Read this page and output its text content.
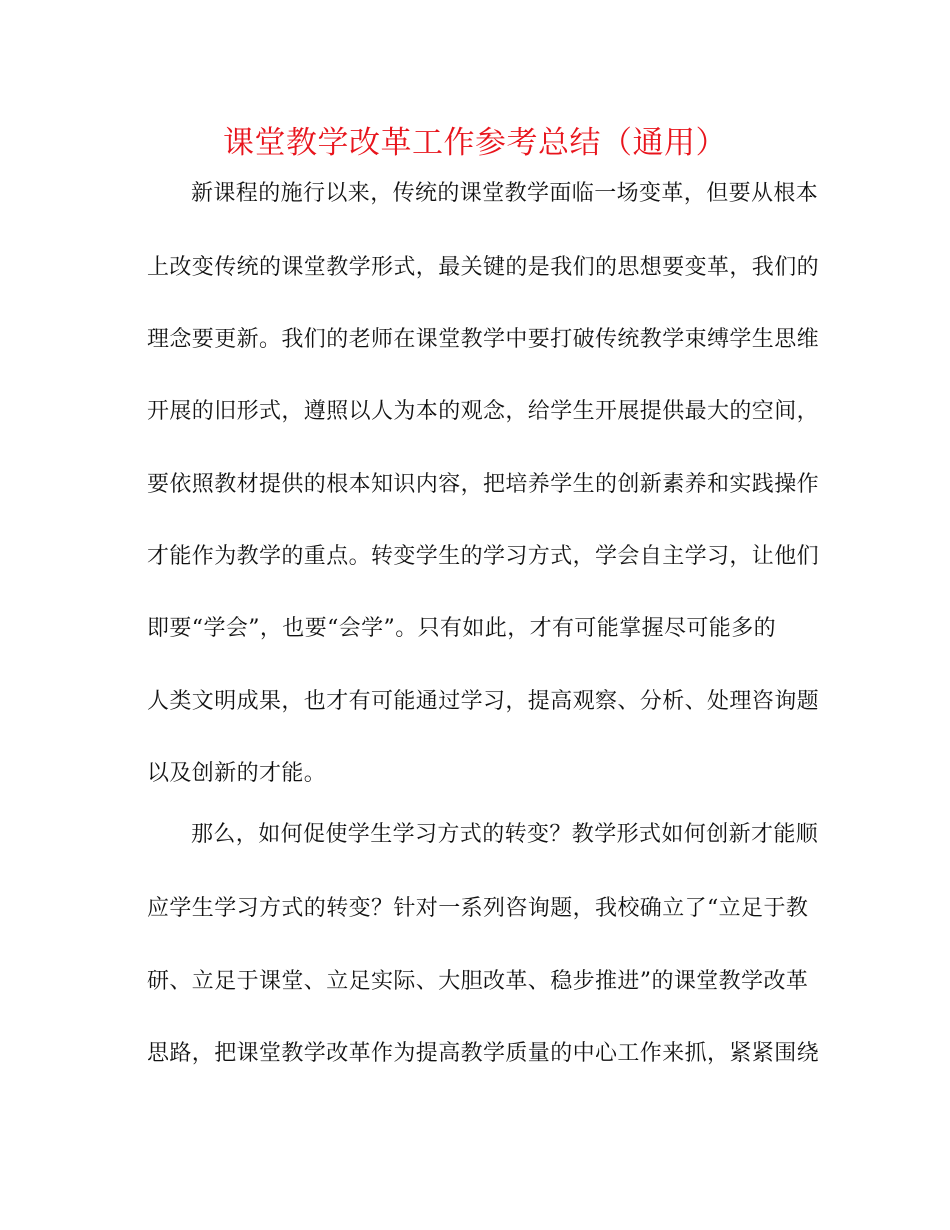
课堂教学改革工作参考总结（通用）

新课程的施行以来，传统的课堂教学面临一场变革，但要从根本

上改变传统的课堂教学形式，最关键的是我们的思想要变革，我们的

理念要更新。我们的老师在课堂教学中要打破传统教学束缚学生思维

开展的旧形式，遵照以人为本的观念，给学生开展提供最大的空间，

要依照教材提供的根本知识内容，把培养学生的创新素养和实践操作

才能作为教学的重点。转变学生的学习方式，学会自主学习，让他们

即要“学会”，也要“会学”。只有如此，才有可能掌握尽可能多的

人类文明成果，也才有可能通过学习，提高观察、分析、处理咨询题

以及创新的才能。

那么，如何促使学生学习方式的转变？教学形式如何创新才能顺

应学生学习方式的转变？针对一系列咨询题，我校确立了“立足于教

研、立足于课堂、立足实际、大胆改革、稳步推进”的课堂教学改革

思路，把课堂教学改革作为提高教学质量的中心工作来抓，紧紧围绕
